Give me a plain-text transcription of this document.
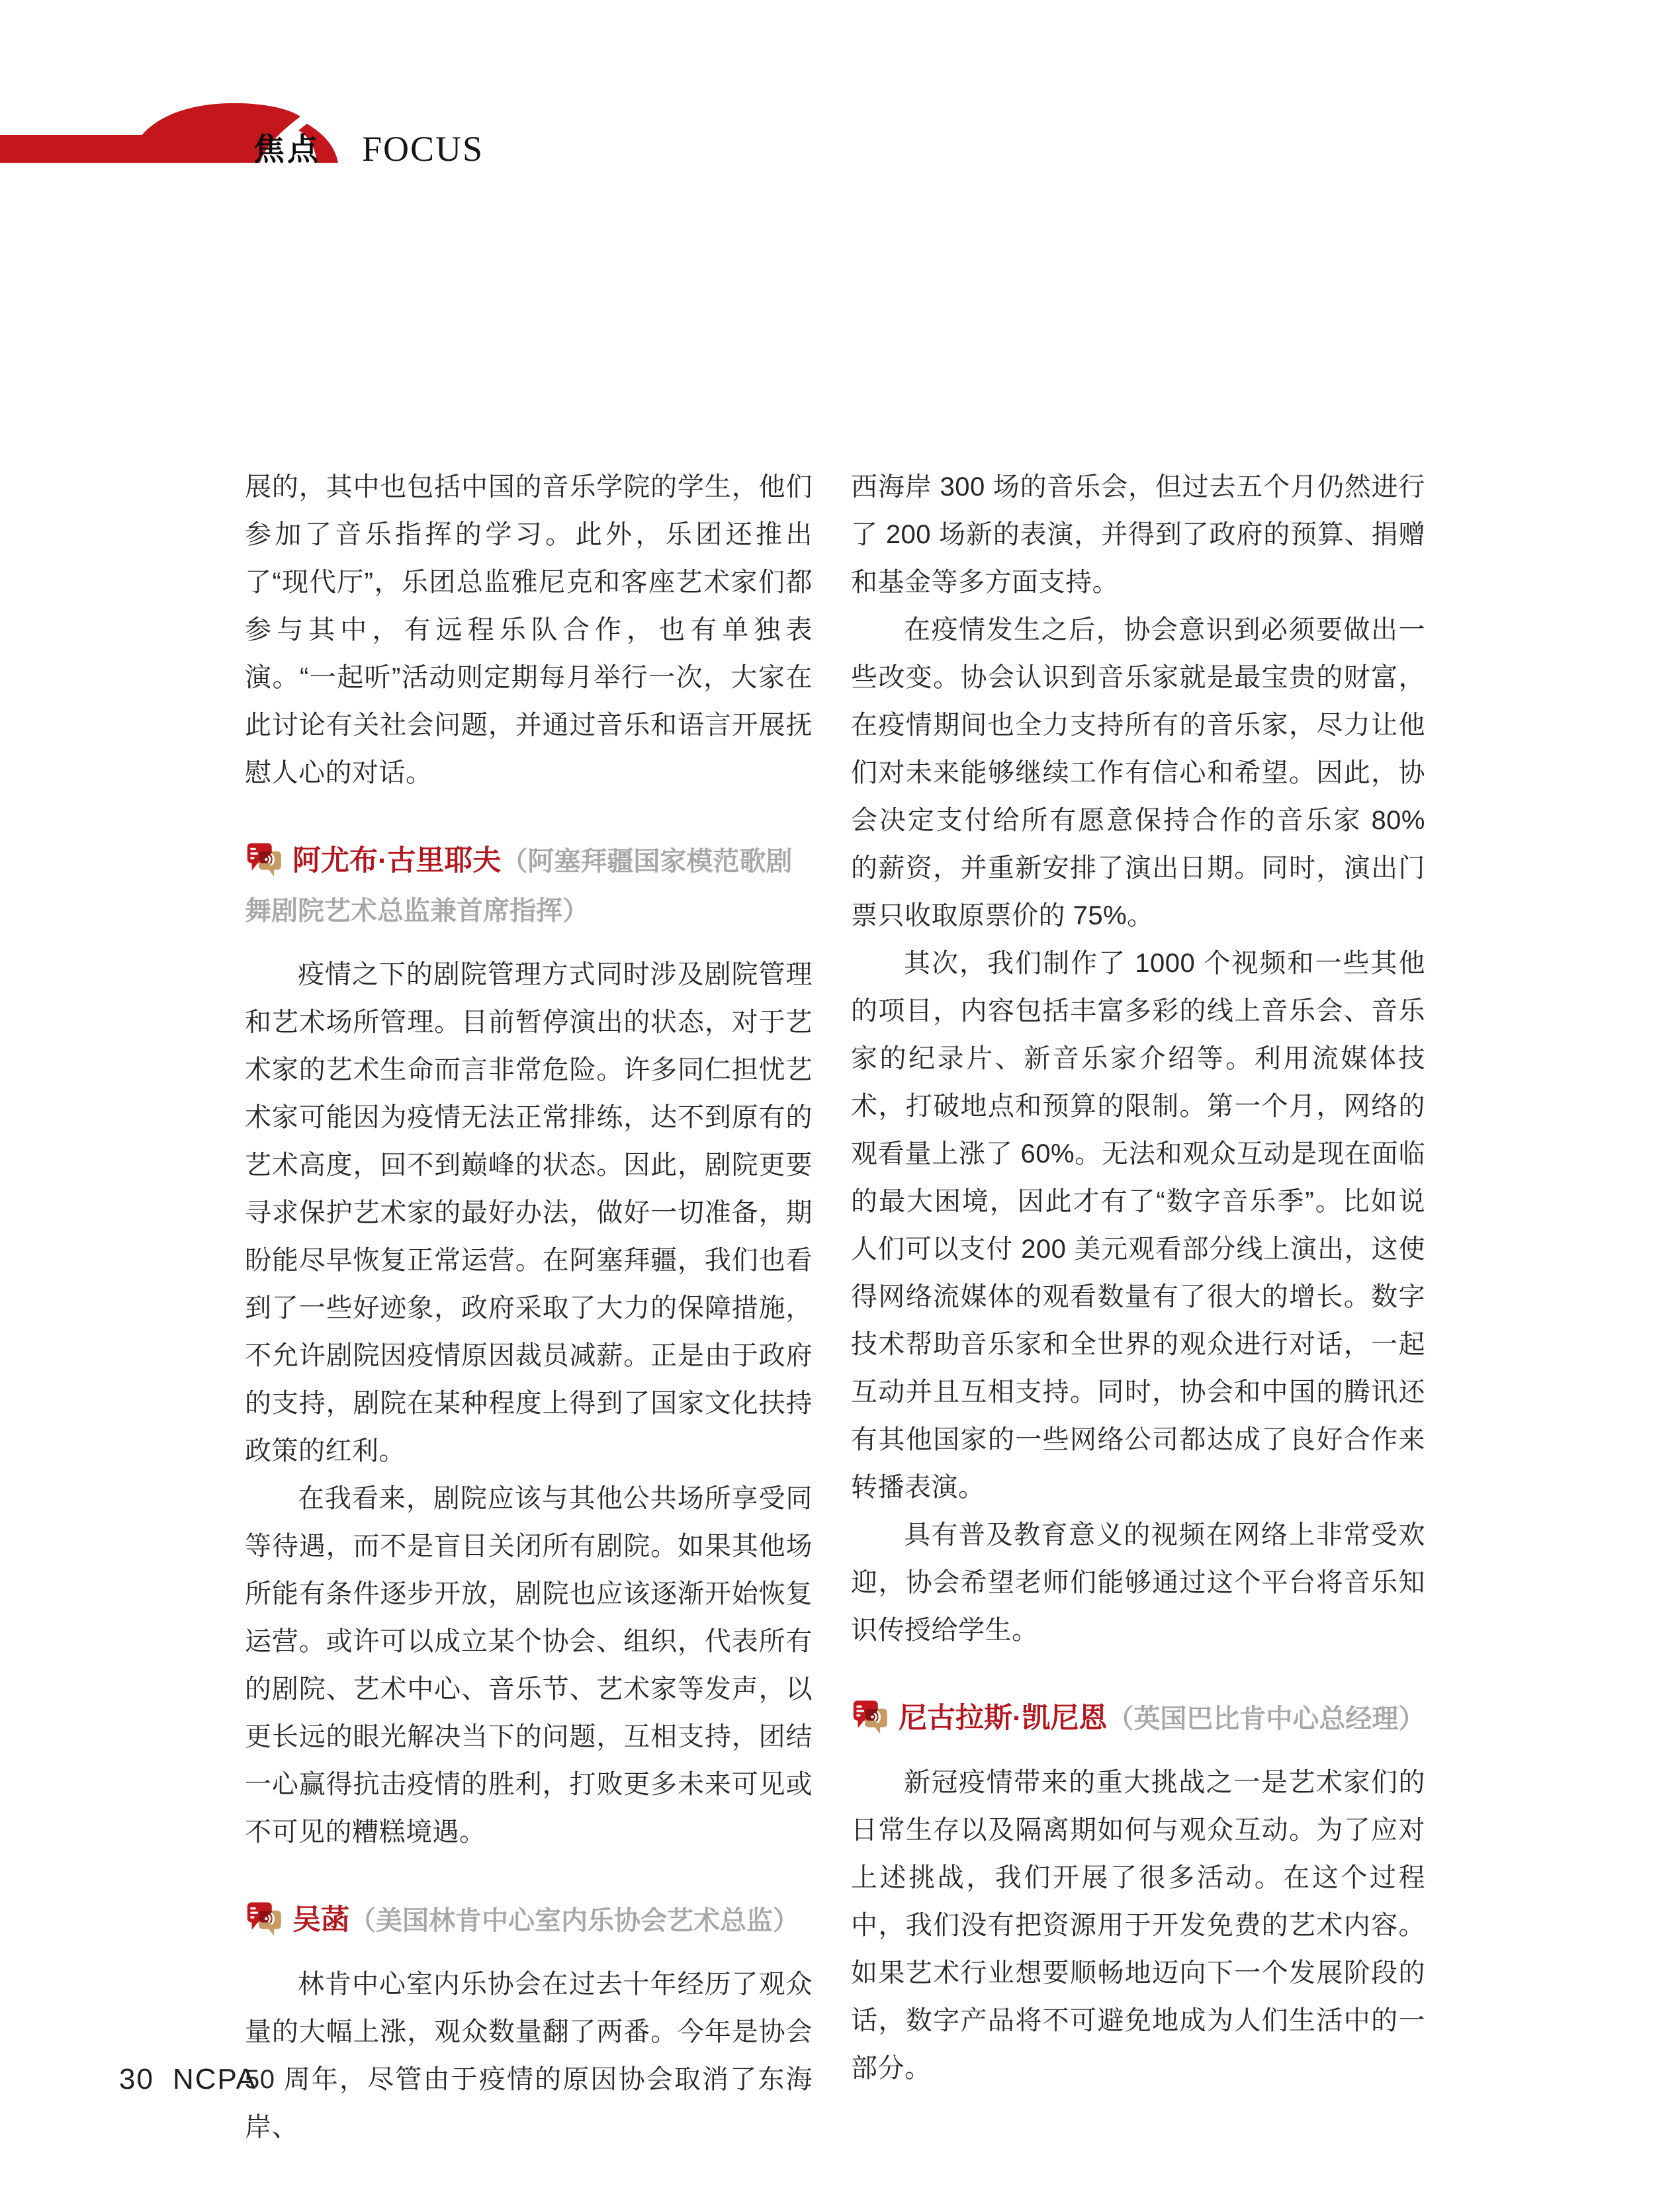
焦点 FOCUS
展的，其中也包括中国的音乐学院的学生，他们参加了音乐指挥的学习。此外，乐团还推出了“现代厅”，乐团总监雅尼克和客座艺术家们都参与其中，有远程乐队合作，也有单独表演。“一起听”活动则定期每月举行一次，大家在此讨论有关社会问题，并通过音乐和语言开展抚慰人心的对话。
阿尤布·古里耶夫（阿塞拜疆国家模范歌剧舞剧院艺术总监兼首席指挥）
疫情之下的剧院管理方式同时涉及剧院管理和艺术场所管理。目前暂停演出的状态，对于艺术家的艺术生命而言非常危险。许多同仁担忧艺术家可能因为疫情无法正常排练，达不到原有的艺术高度，回不到巅峰的状态。因此，剧院更要寻求保护艺术家的最好办法，做好一切准备，期盼能尽早恢复正常运营。在阿塞拜疆，我们也看到了一些好迹象，政府采取了大力的保障措施，不允许剧院因疫情原因裁员减薪。正是由于政府的支持，剧院在某种程度上得到了国家文化扶持政策的红利。
在我看来，剧院应该与其他公共场所享受同等待遇，而不是盲目关闭所有剧院。如果其他场所能有条件逐步开放，剧院也应该逐渐开始恢复运营。或许可以成立某个协会、组织，代表所有的剧院、艺术中心、音乐节、艺术家等发声，以更长远的眼光解决当下的问题，互相支持，团结一心赢得抗击疫情的胜利，打败更多未来可见或不可见的糟糕境遇。
吴菡（美国林肯中心室内乐协会艺术总监）
林肯中心室内乐协会在过去十年经历了观众量的大幅上涨，观众数量翻了两番。今年是协会 50 周年，尽管由于疫情的原因协会取消了东海岸、
西海岸 300 场的音乐会，但过去五个月仍然进行了 200 场新的表演，并得到了政府的预算、捐赠和基金等多方面支持。
在疫情发生之后，协会意识到必须要做出一些改变。协会认识到音乐家就是最宝贵的财富，在疫情期间也全力支持所有的音乐家，尽力让他们对未来能够继续工作有信心和希望。因此，协会决定支付给所有愿意保持合作的音乐家 80% 的薪资，并重新安排了演出日期。同时，演出门票只收取原票价的 75%。
其次，我们制作了 1000 个视频和一些其他的项目，内容包括丰富多彩的线上音乐会、音乐家的纪录片、新音乐家介绍等。利用流媒体技术，打破地点和预算的限制。第一个月，网络的观看量上涨了 60%。无法和观众互动是现在面临的最大困境，因此才有了“数字音乐季”。比如说人们可以支付 200 美元观看部分线上演出，这使得网络流媒体的观看数量有了很大的增长。数字技术帮助音乐家和全世界的观众进行对话，一起互动并且互相支持。同时，协会和中国的腾讯还有其他国家的一些网络公司都达成了良好合作来转播表演。
具有普及教育意义的视频在网络上非常受欢迎，协会希望老师们能够通过这个平台将音乐知识传授给学生。
尼古拉斯·凯尼恩（英国巴比肯中心总经理）
新冠疫情带来的重大挑战之一是艺术家们的日常生存以及隔离期如何与观众互动。为了应对上述挑战，我们开展了很多活动。在这个过程中，我们没有把资源用于开发免费的艺术内容。如果艺术行业想要顺畅地迈向下一个发展阶段的话，数字产品将不可避免地成为人们生活中的一部分。
30 NCPA
